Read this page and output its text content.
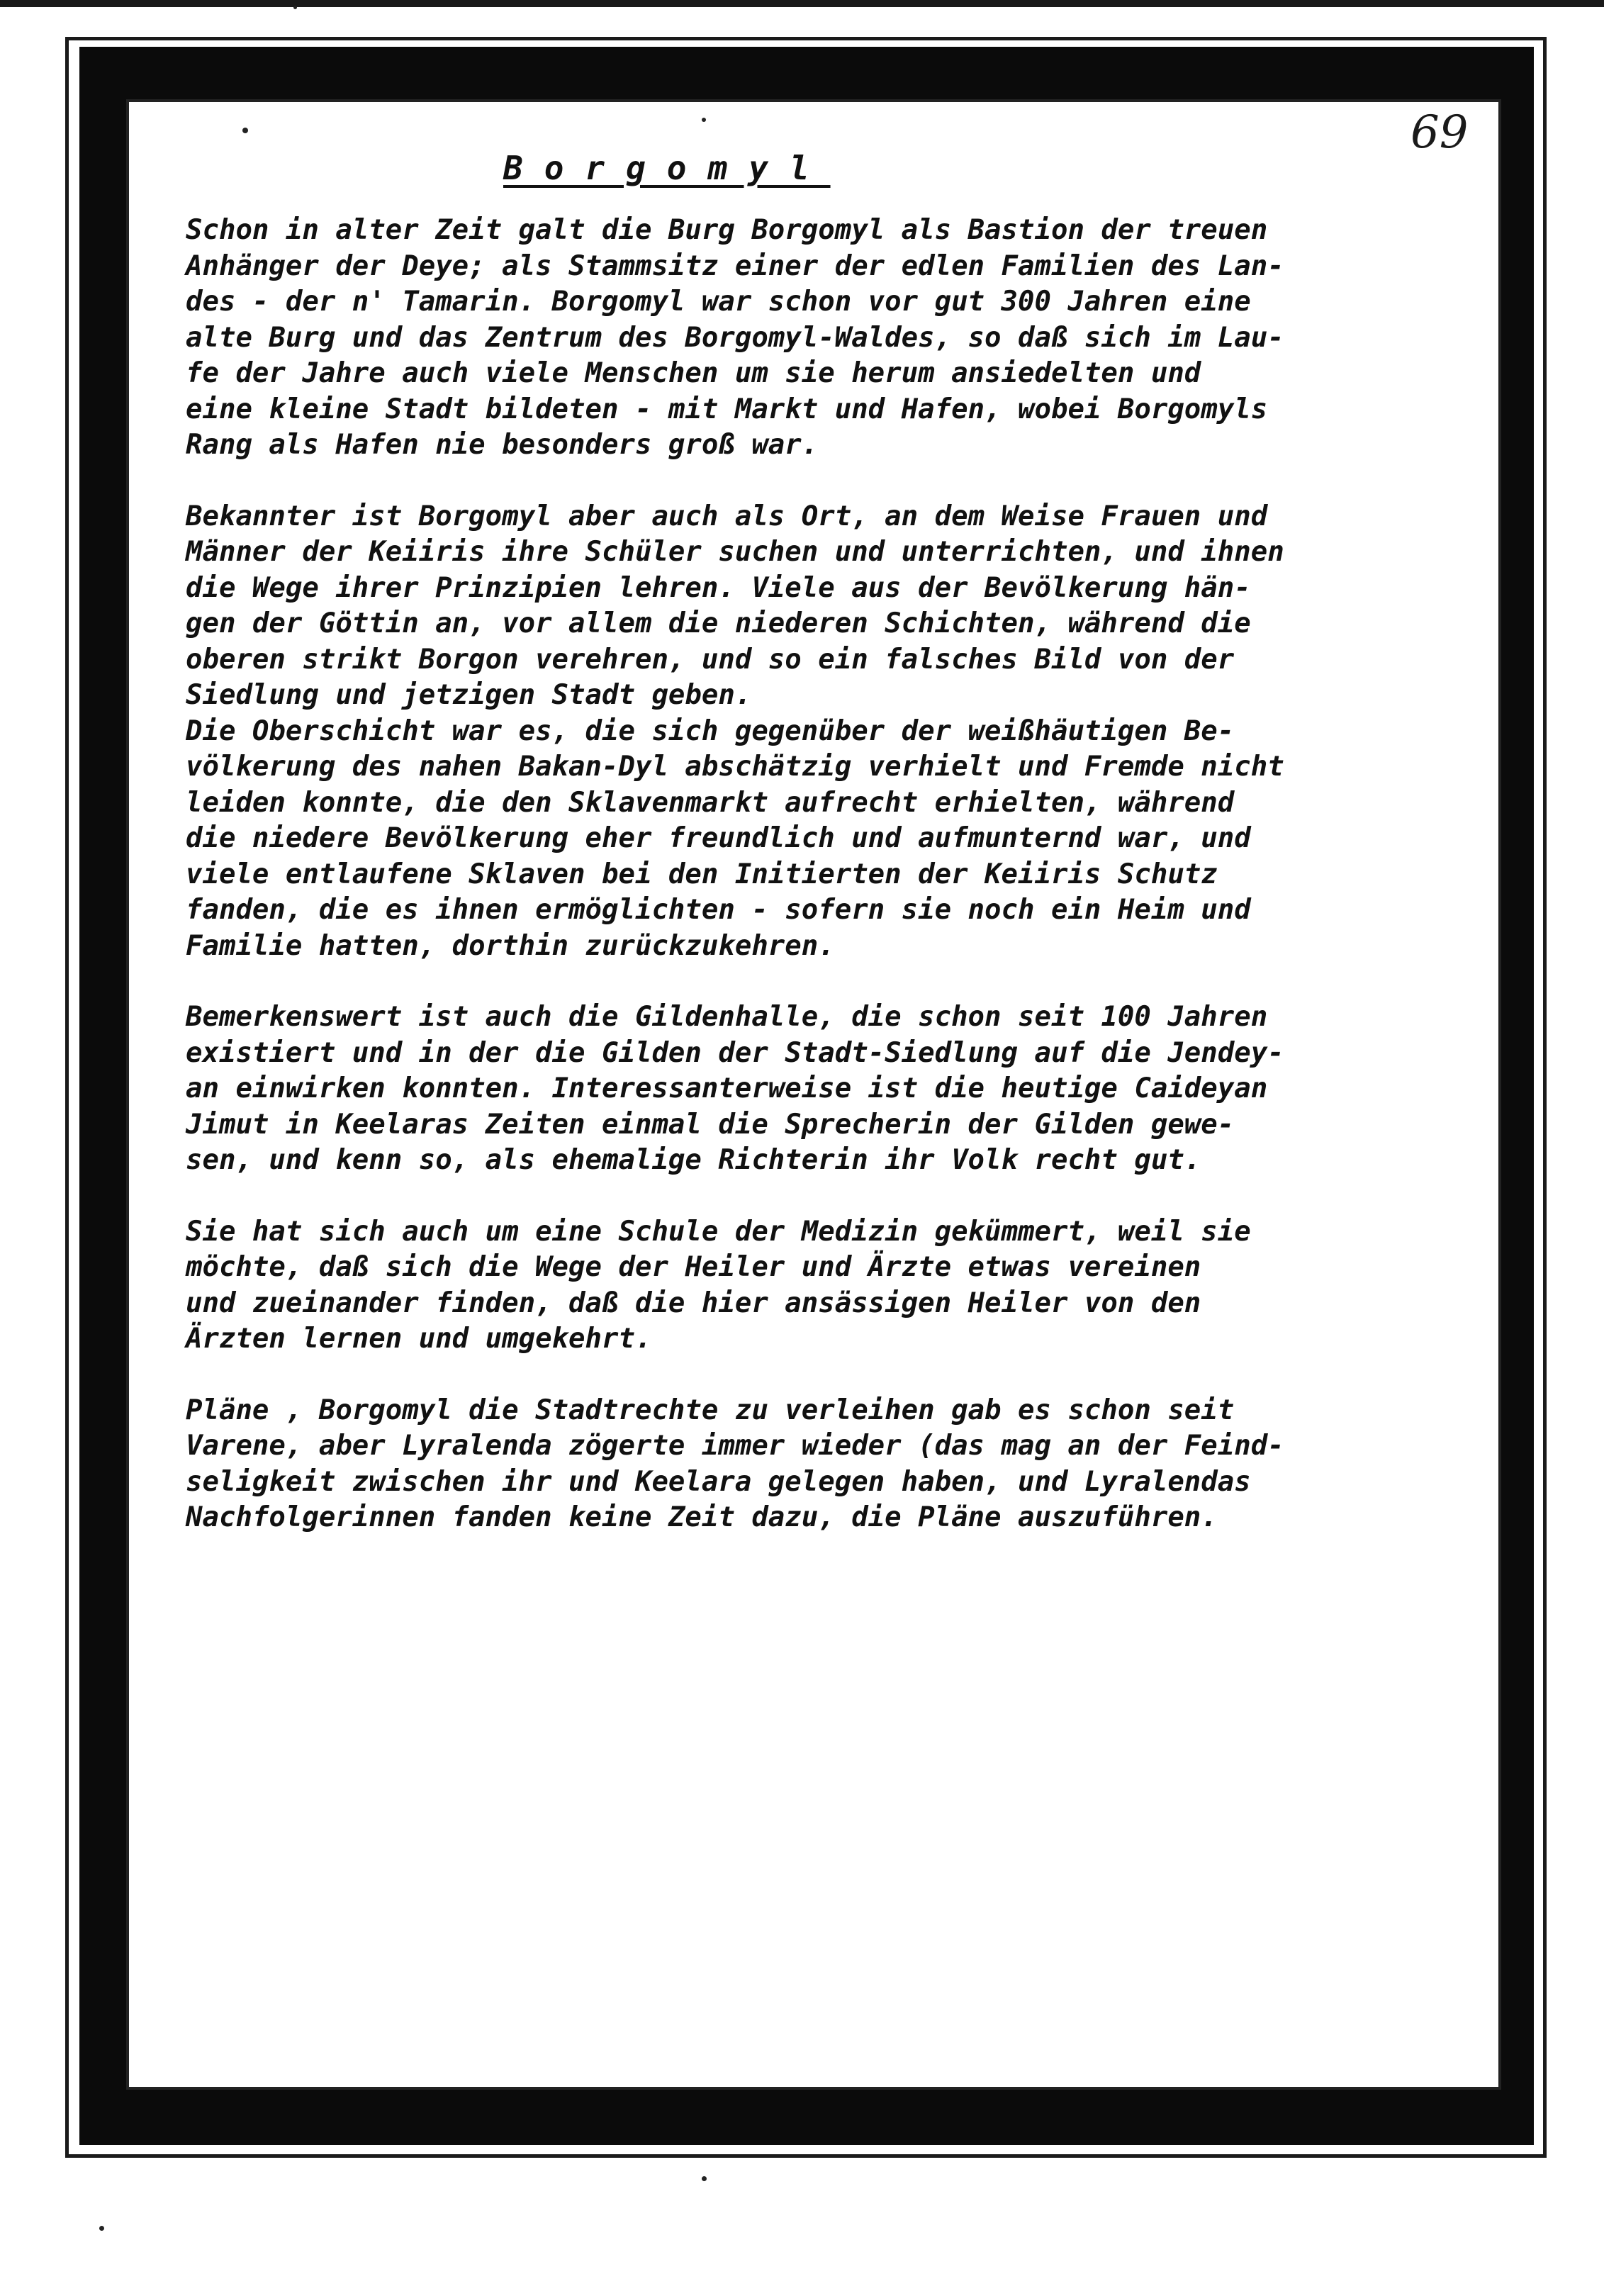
69
Borgomyl

Schon in alter Zeit galt die Burg Borgomyl als Bastion der treuen
Anhänger der Deye; als Stammsitz einer der edlen Familien des Lan-
des - der n' Tamarin. Borgomyl war schon vor gut 300 Jahren eine
alte Burg und das Zentrum des Borgomyl-Waldes, so daß sich im Lau-
fe der Jahre auch viele Menschen um sie herum ansiedelten und
eine kleine Stadt bildeten - mit Markt und Hafen, wobei Borgomyls
Rang als Hafen nie besonders groß war.

Bekannter ist Borgomyl aber auch als Ort, an dem Weise Frauen und
Männer der Keiiris ihre Schüler suchen und unterrichten, und ihnen
die Wege ihrer Prinzipien lehren. Viele aus der Bevölkerung hän-
gen der Göttin an, vor allem die niederen Schichten, während die
oberen strikt Borgon verehren, und so ein falsches Bild von der
Siedlung und jetzigen Stadt geben.

Die Oberschicht war es, die sich gegenüber der weißhäutigen Be-
völkerung des nahen Bakan-Dyl abschätzig verhielt und Fremde nicht
leiden konnte, die den Sklavenmarkt aufrecht erhielten, während
die niedere Bevölkerung eher freundlich und aufmunternd war, und
viele entlaufene Sklaven bei den Initierten der Keiiris Schutz
fanden, die es ihnen ermöglichten - sofern sie noch ein Heim und
Familie hatten, dorthin zurückzukehren.

Bemerkenswert ist auch die Gildenhalle, die schon seit 100 Jahren
existiert und in der die Gilden der Stadt-Siedlung auf die Jendey-
an einwirken konnten. Interessanterweise ist die heutige Caideyan
Jimut in Keelaras Zeiten einmal die Sprecherin der Gilden gewe-
sen, und kenn so, als ehemalige Richterin ihr Volk recht gut.

Sie hat sich auch um eine Schule der Medizin gekümmert, weil sie
möchte, daß sich die Wege der Heiler und Ärzte etwas vereinen
und zueinander finden, daß die hier ansässigen Heiler von den
Ärzten lernen und umgekehrt.

Pläne , Borgomyl die Stadtrechte zu verleihen gab es schon seit
Varene, aber Lyralenda zögerte immer wieder (das mag an der Feind-
seligkeit zwischen ihr und Keelara gelegen haben, und Lyralendas
Nachfolgerinnen fanden keine Zeit dazu, die Pläne auszuführen.
